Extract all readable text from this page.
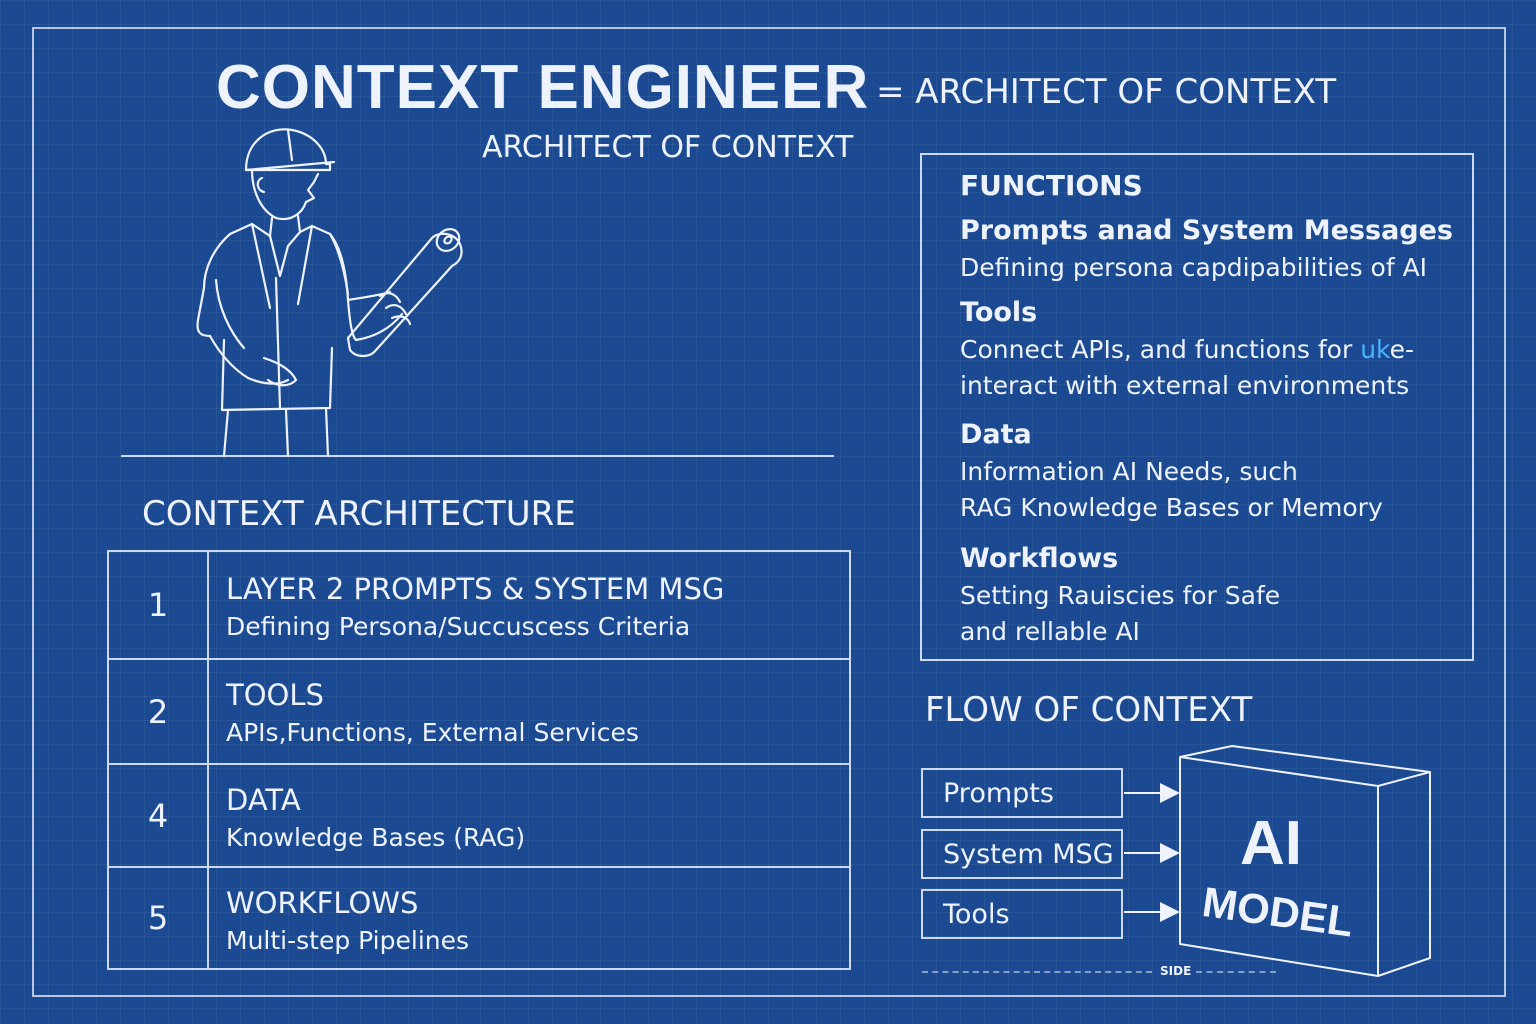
CONTEXT ENGINEER = ARCHITECT OF CONTEXT
ARCHITECT OF CONTEXT
CONTEXT ARCHITECTURE
1	LAYER 2 PROMPTS & SYSTEM MSG
Defining Persona/Succuscess Criteria
2	TOOLS
APIs,Functions, External Services
4	DATA
Knowledge Bases (RAG)
5	WORKFLOWS
Multi-step Pipelines
FUNCTIONS
Prompts anad System Messages
Defining persona capdipabilities of AI
Tools
Connect APIs, and functions for uke-
interact with external environments
Data
Information AI Needs, such
RAG Knowledge Bases or Memory
Workflows
Setting Rauiscies for Safe
and rellable AI
FLOW OF CONTEXT
Prompts
System MSG
Tools
AI
MODEL
SIDE
